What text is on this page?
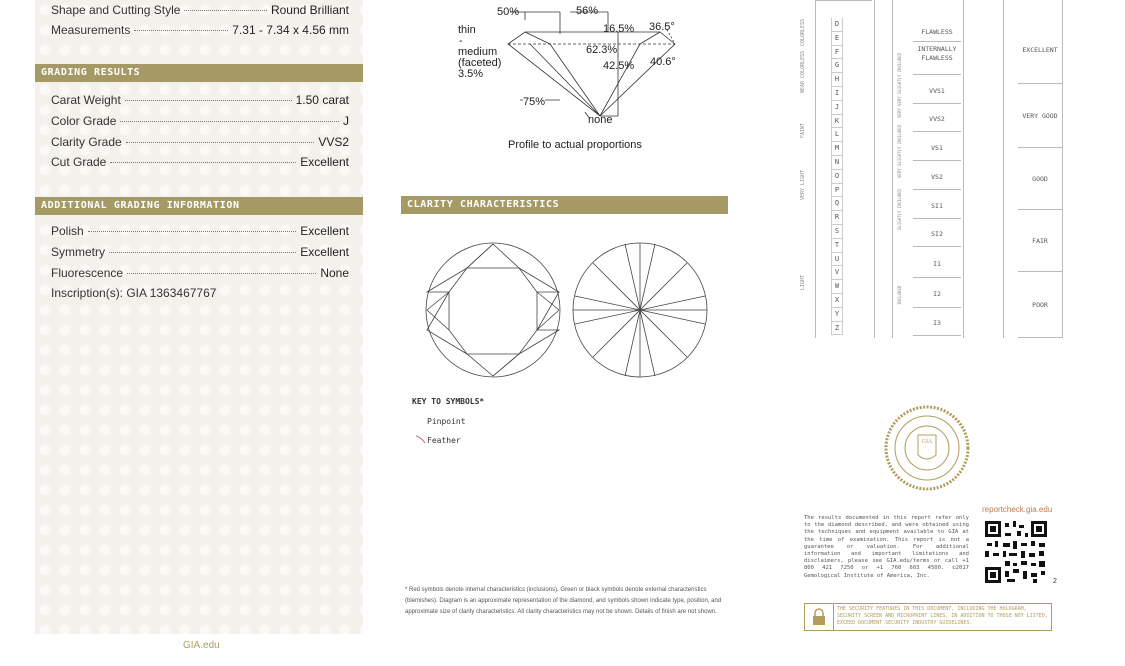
Shape and Cutting Style	Round Brilliant
Measurements	7.31 - 7.34 x 4.56 mm
Carat Weight	1.50 carat
Color Grade	J
Clarity Grade	VVS2
Cut Grade	Excellent
Polish	Excellent
Symmetry	Excellent
Fluorescence	None
Inscription(s): GIA 1363467767
GRADING RESULTS
ADDITIONAL GRADING INFORMATION
GIA.edu
50%	56%
16.5% 36.5°
thin
-
medium
(faceted)
3.5%
62.3%
42.5% 40.6°
75%
none
Profile to actual proportions
CLARITY CHARACTERISTICS
KEY TO SYMBOLS*
Pinpoint
Feather
* Red symbols denote internal characteristics (inclusions). Green or black symbols denote external characteristics (blemishes). Diagram is an approximate representation of the diamond, and symbols shown indicate type, position, and approximate size of clarity characteristics. All clarity characteristics may not be shown. Details of finish are not shown.
GIA
The results documented in this report refer only to the diamond described, and were obtained using the techniques and equipment available to GIA at the time of examination. This report is not a guarantee or valuation. For additional information and important limitations and disclaimers, please see GIA.edu/terms or call +1 800 421 7250 or +1 760 603 4500. ©2017 Gemological Institute of America, Inc.
reportcheck.gia.edu
2
THE SECURITY FEATURES IN THIS DOCUMENT, INCLUDING THE HOLOGRAM, SECURITY SCREEN AND MICROPRINT LINES, IN ADDITION TO THOSE NOT LISTED, EXCEED DOCUMENT SECURITY INDUSTRY GUIDELINES.
D
E
F
G
H
I
J
K
L
M
N
O
P
Q
R
S
T
U
V
W
X
Y
Z
COLORLESS
NEAR COLORLESS
FAINT
VERY LIGHT
LIGHT
FLAWLESS
INTERNALLY FLAWLESS
VVS1
VVS2
VS1
VS2
SI1
SI2
I1
I2
I3
VERY VERY SLIGHTLY INCLUDED
VERY SLIGHTLY INCLUDED
SLIGHTLY INCLUDED
INCLUDED
EXCELLENT
VERY GOOD
GOOD
FAIR
POOR
